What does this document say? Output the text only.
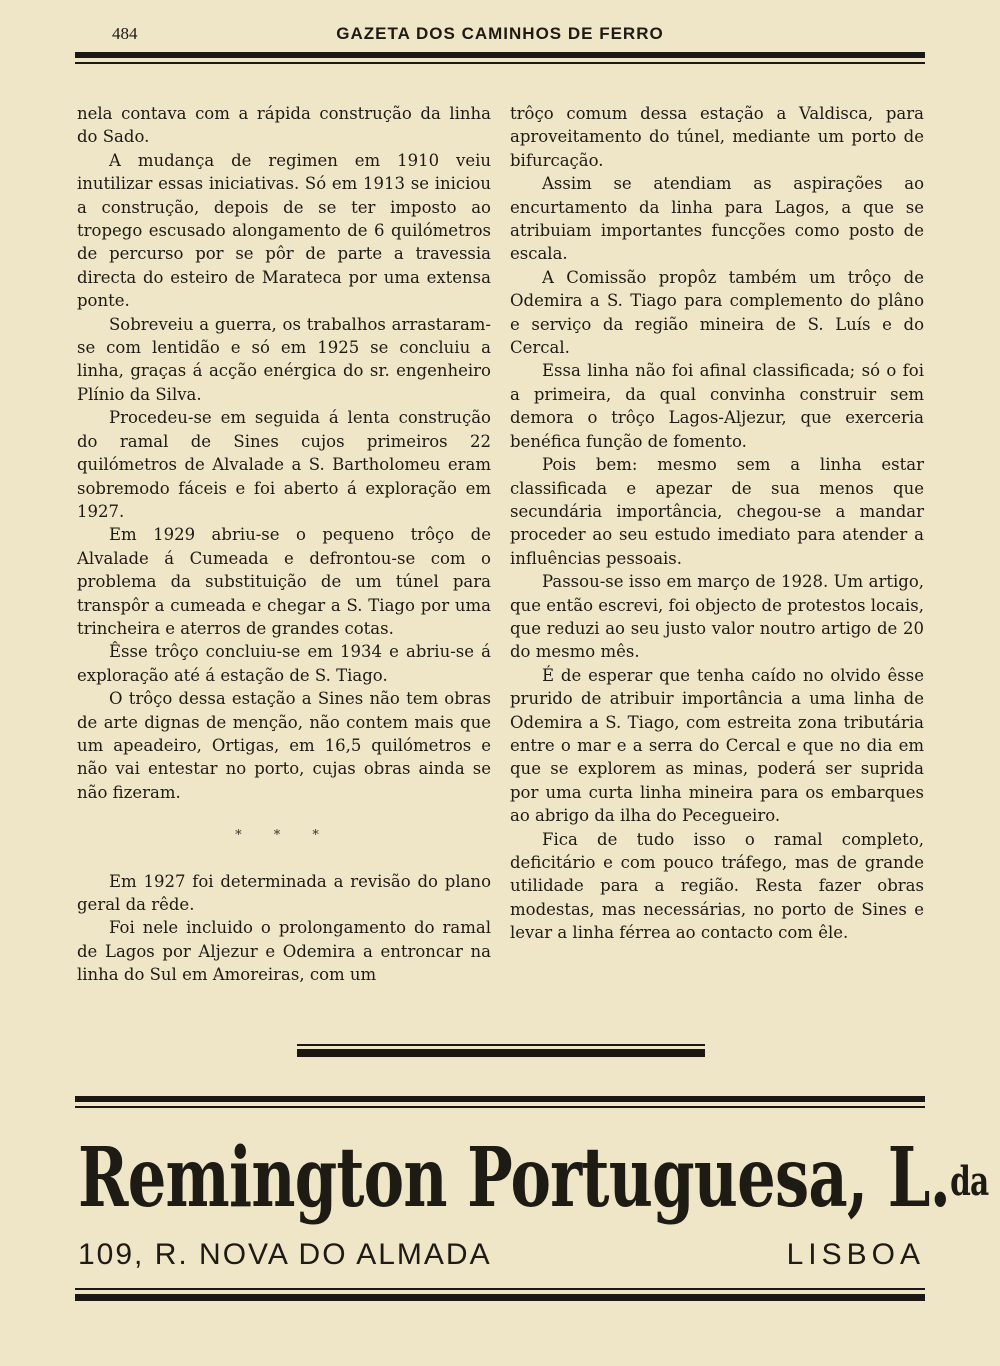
484	GAZETA DOS CAMINHOS DE FERRO

nela contava com a rápida construção da linha do Sado.

A mudança de regimen em 1910 veiu inutilizar essas iniciativas. Só em 1913 se iniciou a construção, depois de se ter imposto ao tropego escusado alongamento de 6 quilómetros de percurso por se pôr de parte a travessia directa do esteiro de Marateca por uma extensa ponte.

Sobreveiu a guerra, os trabalhos arrastaram-se com lentidão e só em 1925 se concluiu a linha, graças á acção enérgica do sr. engenheiro Plínio da Silva.

Procedeu-se em seguida á lenta construção do ramal de Sines cujos primeiros 22 quilómetros de Alvalade a S. Bartholomeu eram sobremodo fáceis e foi aberto á exploração em 1927.

Em 1929 abriu-se o pequeno trôço de Alvalade á Cumeada e defrontou-se com o problema da substituição de um túnel para transpôr a cumeada e chegar a S. Tiago por uma trincheira e aterros de grandes cotas.

Êsse trôço concluiu-se em 1934 e abriu-se á exploração até á estação de S. Tiago.

O trôço dessa estação a Sines não tem obras de arte dignas de menção, não contem mais que um apeadeiro, Ortigas, em 16,5 quilómetros e não vai entestar no porto, cujas obras ainda se não fizeram.

* * *

Em 1927 foi determinada a revisão do plano geral da rêde.

Foi nele incluido o prolongamento do ramal de Lagos por Aljezur e Odemira a entroncar na linha do Sul em Amoreiras, com um

trôço comum dessa estação a Valdisca, para aproveitamento do túnel, mediante um porto de bifurcação.

Assim se atendiam as aspirações ao encurtamento da linha para Lagos, a que se atribuiam importantes funcções como posto de escala.

A Comissão propôz também um trôço de Odemira a S. Tiago para complemento do plâno e serviço da região mineira de S. Luís e do Cercal.

Essa linha não foi afinal classificada; só o foi a primeira, da qual convinha construir sem demora o trôço Lagos-Aljezur, que exerceria benéfica função de fomento.

Pois bem: mesmo sem a linha estar classificada e apezar de sua menos que secundária importância, chegou-se a mandar proceder ao seu estudo imediato para atender a influências pessoais.

Passou-se isso em março de 1928. Um artigo, que então escrevi, foi objecto de protestos locais, que reduzi ao seu justo valor noutro artigo de 20 do mesmo mês.

É de esperar que tenha caído no olvido êsse prurido de atribuir importância a uma linha de Odemira a S. Tiago, com estreita zona tributária entre o mar e a serra do Cercal e que no dia em que se explorem as minas, poderá ser suprida por uma curta linha mineira para os embarques ao abrigo da ilha do Pecegueiro.

Fica de tudo isso o ramal completo, deficitário e com pouco tráfego, mas de grande utilidade para a região. Resta fazer obras modestas, mas necessárias, no porto de Sines e levar a linha férrea ao contacto com êle.

Remington Portuguesa, L.$^{da}$
109, R. NOVA DO ALMADA	LISBOA
